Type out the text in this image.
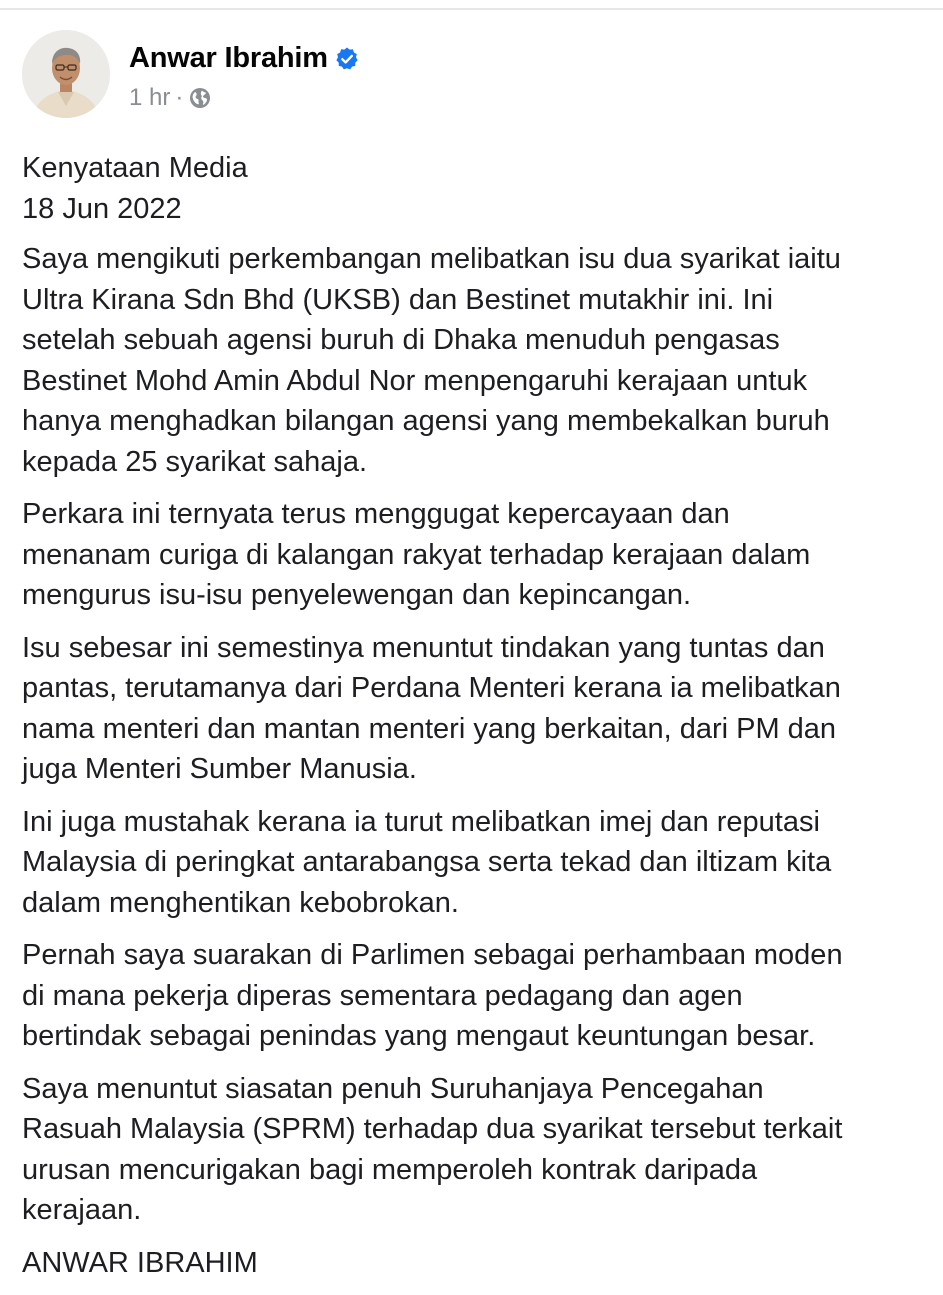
Anwar Ibrahim
1 hr ·

Kenyataan Media
18 Jun 2022

Saya mengikuti perkembangan melibatkan isu dua syarikat iaitu
Ultra Kirana Sdn Bhd (UKSB) dan Bestinet mutakhir ini. Ini
setelah sebuah agensi buruh di Dhaka menuduh pengasas
Bestinet Mohd Amin Abdul Nor menpengaruhi kerajaan untuk
hanya menghadkan bilangan agensi yang membekalkan buruh
kepada 25 syarikat sahaja.

Perkara ini ternyata terus menggugat kepercayaan dan
menanam curiga di kalangan rakyat terhadap kerajaan dalam
mengurus isu-isu penyelewengan dan kepincangan.

Isu sebesar ini semestinya menuntut tindakan yang tuntas dan
pantas, terutamanya dari Perdana Menteri kerana ia melibatkan
nama menteri dan mantan menteri yang berkaitan, dari PM dan
juga Menteri Sumber Manusia.

Ini juga mustahak kerana ia turut melibatkan imej dan reputasi
Malaysia di peringkat antarabangsa serta tekad dan iltizam kita
dalam menghentikan kebobrokan.

Pernah saya suarakan di Parlimen sebagai perhambaan moden
di mana pekerja diperas sementara pedagang dan agen
bertindak sebagai penindas yang mengaut keuntungan besar.

Saya menuntut siasatan penuh Suruhanjaya Pencegahan
Rasuah Malaysia (SPRM) terhadap dua syarikat tersebut terkait
urusan mencurigakan bagi memperoleh kontrak daripada
kerajaan.

ANWAR IBRAHIM
